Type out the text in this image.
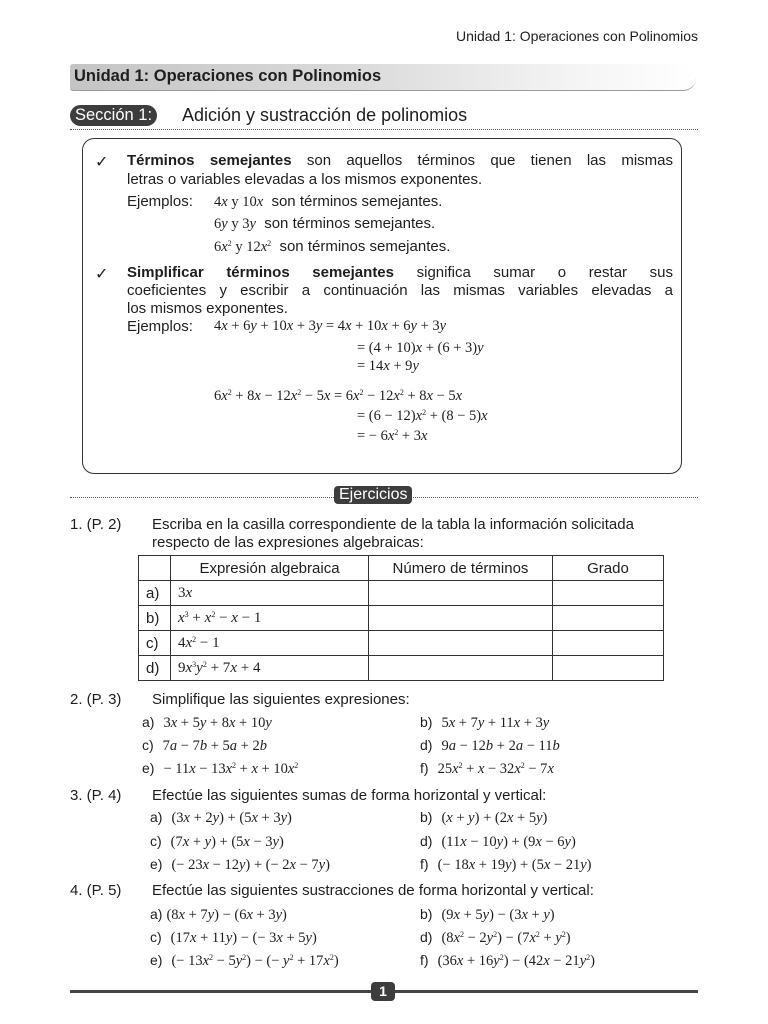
Unidad 1: Operaciones con Polinomios
Unidad 1: Operaciones con Polinomios
Sección 1: Adición y sustracción de polinomios
✓ Términos semejantes son aquellos términos que tienen las mismas
letras o variables elevadas a los mismos exponentes.
Ejemplos: 4x y 10x son términos semejantes.
6y y 3y son términos semejantes.
$6x^2$ y $12x^2$ son términos semejantes.
✓ Simplificar términos semejantes significa sumar o restar sus
coeficientes y escribir a continuación las mismas variables elevadas a
los mismos exponentes.
Ejemplos: 4x + 6y + 10x + 3y = 4x + 10x + 6y + 3y
= (4 + 10)x + (6 + 3)y
= 14x + 9y
$6x^2 + 8x - 12x^2 - 5x = 6x^2 - 12x^2 + 8x - 5x$
= $(6 - 12)x^2 + (8 - 5)x$
= − $6x^2 + 3x$
Ejercicios
1. (P. 2) Escriba en la casilla correspondiente de la tabla la información solicitada
respecto de las expresiones algebraicas:
	Expresión algebraica	Número de términos	Grado
a)	3x		
b)	$x^3 + x^2 - x - 1$		
c)	$4x^2 - 1$		
d)	$9x^3y^2 + 7x + 4$		
2. (P. 3) Simplifique las siguientes expresiones:
a) 3x + 5y + 8x + 10y	b) 5x + 7y + 11x + 3y
c) 7a − 7b + 5a + 2b	d) 9a − 12b + 2a − 11b
$e) - 11x - 13x^2 + x + 10x^2$	f) $25x^2 + x - 32x^2 - 7x$
3. (P. 4) Efectúe las siguientes sumas de forma horizontal y vertical:
a) (3x + 2y) + (5x + 3y)	b) (x + y) + (2x + 5y)
c) (7x + y) + (5x − 3y)	d) (11x − 10y) + (9x − 6y)
e) (− 23x − 12y) + (− 2x − 7y)	f) (− 18x + 19y) + (5x − 21y)
4. (P. 5) Efectúe las siguientes sustracciones de forma horizontal y vertical:
a) (8x + 7y) − (6x + 3y)	b) (9x + 5y) − (3x + y)
c) (17x + 11y) − (− 3x + 5y)	d) $(8x^2 - 2y^2) - (7x^2 + y^2)$
e) (− $13x^2 - 5y^2$) − (− $y^2 + 17x^2$)	f) $(36x + 16y^2) - (42x - 21y^2)$
1
